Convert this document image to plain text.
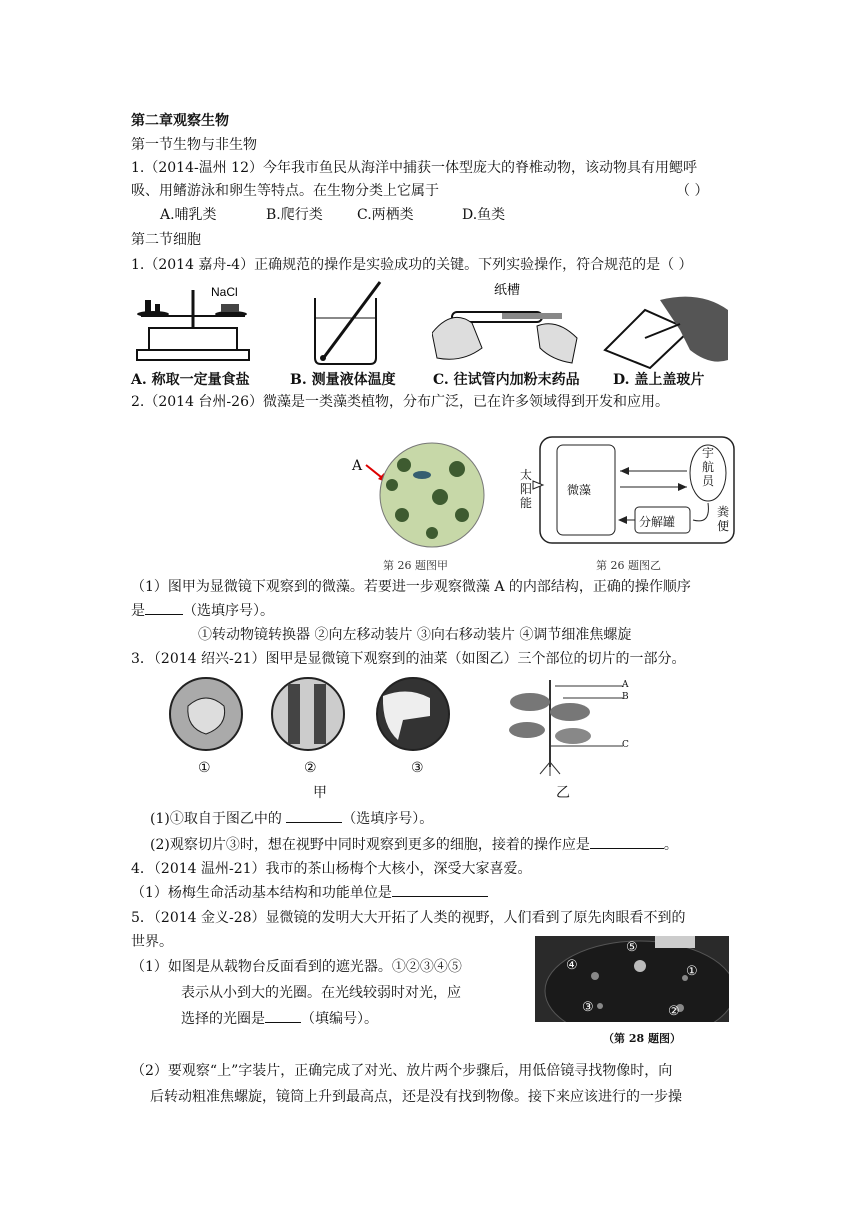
第二章观察生物
第一节生物与非生物
1.（2014-温州 12）今年我市鱼民从海洋中捕获一体型庞大的脊椎动物，该动物具有用鳃呼
吸、用鳍游泳和卵生等特点。在生物分类上它属于	（ ）
A.哺乳类	B.爬行类 C.两栖类	D.鱼类
第二节细胞
1.（2014 嘉舟-4）正确规范的操作是实验成功的关键。下列实验操作，符合规范的是（ ）
NaCl	纸槽
A. 称取一定量食盐	B. 测量液体温度	C. 往试管内加粉末药品 D. 盖上盖玻片
2.（2014 台州-26）微藻是一类藻类植物，分布广泛，已在许多领域得到开发和应用。
A
第 26 题图甲
太阳能
微藻
宇航员
分解罐
粪便
第 26 题图乙
（1）图甲为显微镜下观察到的微藻。若要进一步观察微藻 A 的内部结构，正确的操作顺序
是	（选填序号）。
①转动物镜转换器 ②向左移动装片 ③向右移动装片 ④调节细准焦螺旋
3．（2014 绍兴-21）图甲是显微镜下观察到的油菜（如图乙）三个部位的切片的一部分。
①	②	③
甲
A
B
C
乙
(1)①取自于图乙中的	（选填序号）。
(2)观察切片③时，想在视野中同时观察到更多的细胞，接着的操作应是	。
4．（2014 温州-21）我市的茶山杨梅个大核小，深受大家喜爱。
（1）杨梅生命活动基本结构和功能单位是
5．（2014 金义-28）显微镜的发明大大开拓了人类的视野，人们看到了原先肉眼看不到的
世界。
（1）如图是从载物台反面看到的遮光器。①②③④⑤
表示从小到大的光圈。在光线较弱时对光，应
选择的光圈是	（填编号）。
⑤
④	①
③	②
（第 28 题图）
（2）要观察“上”字装片，正确完成了对光、放片两个步骤后，用低倍镜寻找物像时，向
后转动粗准焦螺旋，镜筒上升到最高点，还是没有找到物像。接下来应该进行的一步操
